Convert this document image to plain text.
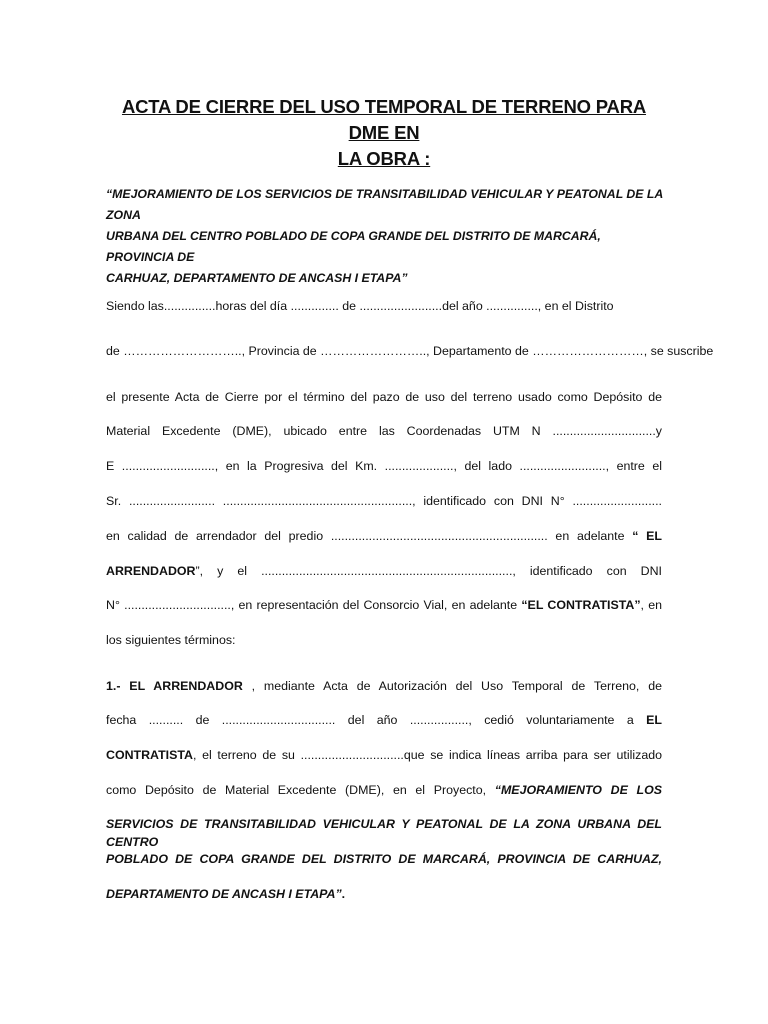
ACTA DE CIERRE DEL USO TEMPORAL DE TERRENO PARA DME EN
LA OBRA :
“MEJORAMIENTO DE LOS SERVICIOS DE TRANSITABILIDAD VEHICULAR Y PEATONAL DE LA ZONA
URBANA DEL CENTRO POBLADO DE COPA GRANDE DEL DISTRITO DE MARCARÁ, PROVINCIA DE
CARHUAZ, DEPARTAMENTO DE ANCASH I ETAPA”
Siendo las...............horas del día .............. de ........................del año ..............., en el Distrito
de ……………………….., Provincia de …………………….., Departamento de ………………………, se suscribe
el presente Acta de Cierre por el término del pazo de uso del terreno usado como Depósito de
Material Excedente (DME), ubicado entre las Coordenadas UTM N ..............................y
E ..........................., en la Progresiva del Km. ...................., del lado ........................., entre el
Sr. ......................... ......................................................., identificado con DNI N° ..........................
en calidad de arrendador del predio ............................................................... en adelante “ EL
ARRENDADOR”, y el ........................................................................., identificado con DNI
N° ..............................., en representación del Consorcio Vial, en adelante “EL CONTRATISTA”, en
los siguientes términos:
1.- EL ARRENDADOR , mediante Acta de Autorización del Uso Temporal de Terreno, de
fecha .......... de ................................. del año ................., cedió voluntariamente a EL
CONTRATISTA, el terreno de su ..............................que se indica líneas arriba para ser utilizado
como Depósito de Material Excedente (DME), en el Proyecto, “MEJORAMIENTO DE LOS
SERVICIOS DE TRANSITABILIDAD VEHICULAR Y PEATONAL DE LA ZONA URBANA DEL CENTRO
POBLADO DE COPA GRANDE DEL DISTRITO DE MARCARÁ, PROVINCIA DE CARHUAZ,
DEPARTAMENTO DE ANCASH I ETAPA”.
